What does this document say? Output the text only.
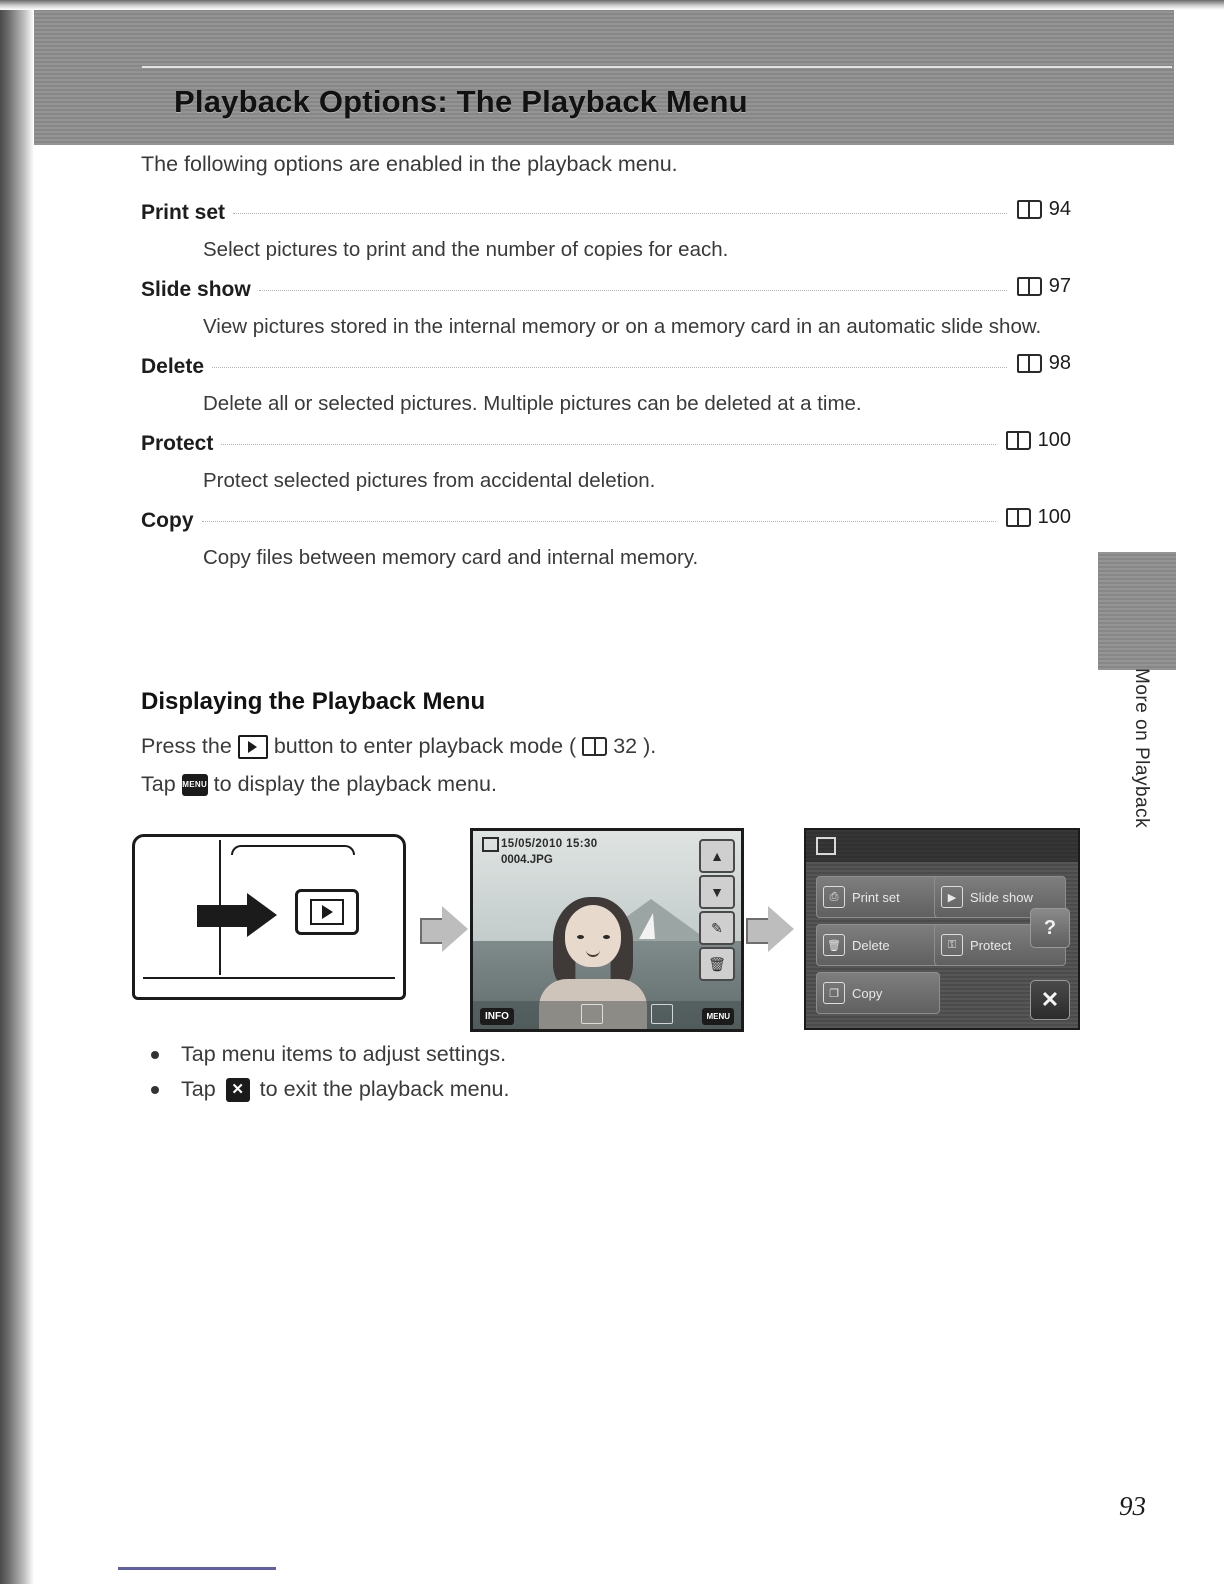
Playback Options: The Playback Menu
The following options are enabled in the playback menu.
Print set	94
Select pictures to print and the number of copies for each.
Slide show	97
View pictures stored in the internal memory or on a memory card in an automatic slide show.
Delete	98
Delete all or selected pictures. Multiple pictures can be deleted at a time.
Protect	100
Protect selected pictures from accidental deletion.
Copy	100
Copy files between memory card and internal memory.
Displaying the Playback Menu
Press the button to enter playback mode ( 32 ).
Tap MENU to display the playback menu.
15/05/2010 15:30
0004.JPG	▲
▼
✎
🗑
INFO	MENU
⎙	Print set	▶	Slide show
🗑 Delete	⚿	Protect
❐	Copy
?
✕
Tap menu items to adjust settings.
Tap	✕ to exit the playback menu.
More on Playback
93
